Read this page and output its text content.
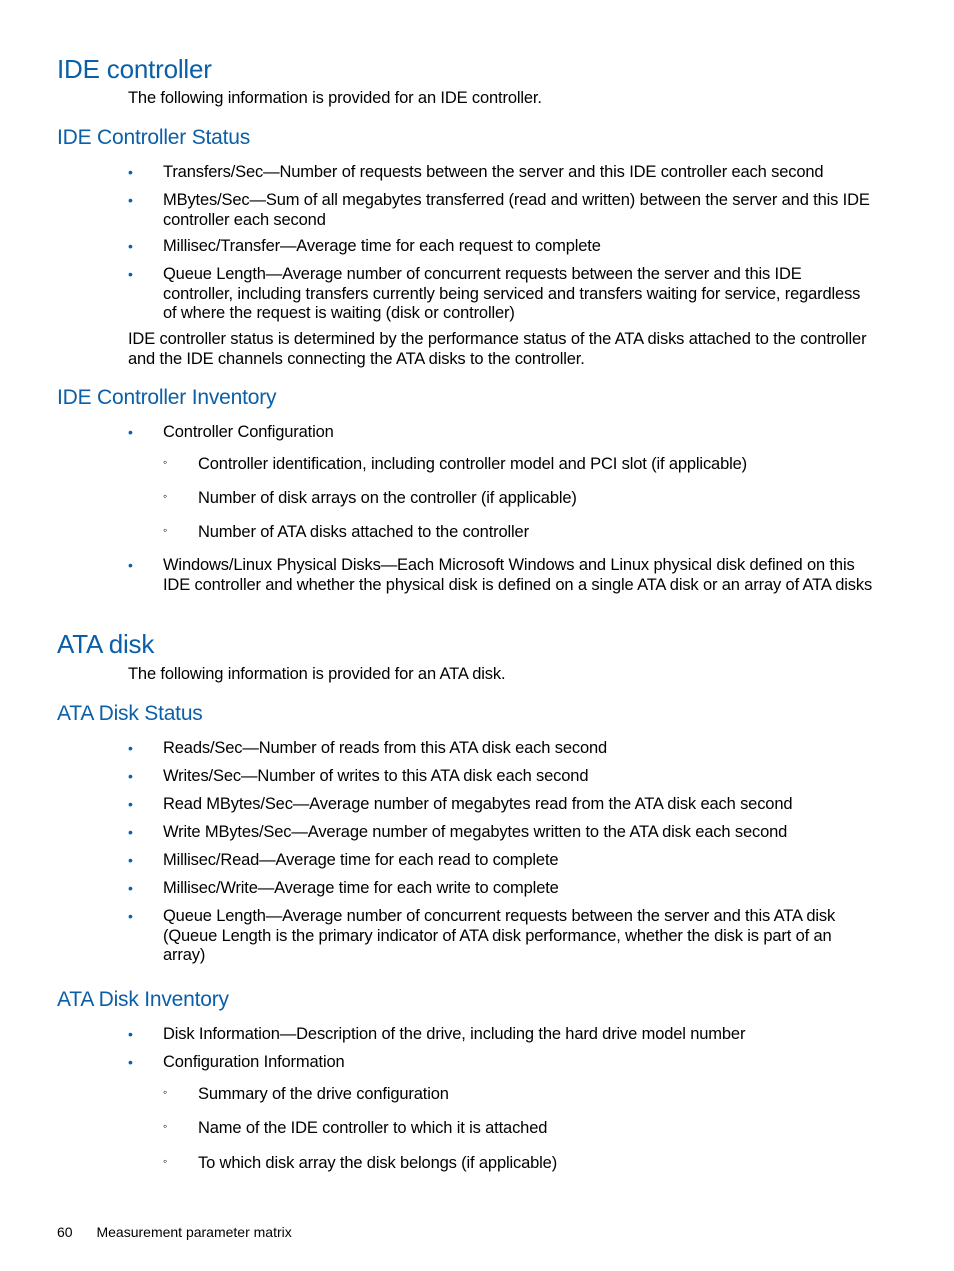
IDE controller

The following information is provided for an IDE controller.

IDE Controller Status
• Transfers/Sec—Number of requests between the server and this IDE controller each second
• MBytes/Sec—Sum of all megabytes transferred (read and written) between the server and this IDE controller each second
• Millisec/Transfer—Average time for each request to complete
• Queue Length—Average number of concurrent requests between the server and this IDE controller, including transfers currently being serviced and transfers waiting for service, regardless of where the request is waiting (disk or controller)

IDE controller status is determined by the performance status of the ATA disks attached to the controller and the IDE channels connecting the ATA disks to the controller.

IDE Controller Inventory
• Controller Configuration
◦ Controller identification, including controller model and PCI slot (if applicable)
◦ Number of disk arrays on the controller (if applicable)
◦ Number of ATA disks attached to the controller
• Windows/Linux Physical Disks—Each Microsoft Windows and Linux physical disk defined on this IDE controller and whether the physical disk is defined on a single ATA disk or an array of ATA disks
ATA disk

The following information is provided for an ATA disk.

ATA Disk Status
• Reads/Sec—Number of reads from this ATA disk each second
• Writes/Sec—Number of writes to this ATA disk each second
• Read MBytes/Sec—Average number of megabytes read from the ATA disk each second
• Write MBytes/Sec—Average number of megabytes written to the ATA disk each second
• Millisec/Read—Average time for each read to complete
• Millisec/Write—Average time for each write to complete
• Queue Length—Average number of concurrent requests between the server and this ATA disk (Queue Length is the primary indicator of ATA disk performance, whether the disk is part of an array)
ATA Disk Inventory
• Disk Information—Description of the drive, including the hard drive model number
• Configuration Information
◦ Summary of the drive configuration
◦ Name of the IDE controller to which it is attached
◦ To which disk array the disk belongs (if applicable)
60 Measurement parameter matrix
